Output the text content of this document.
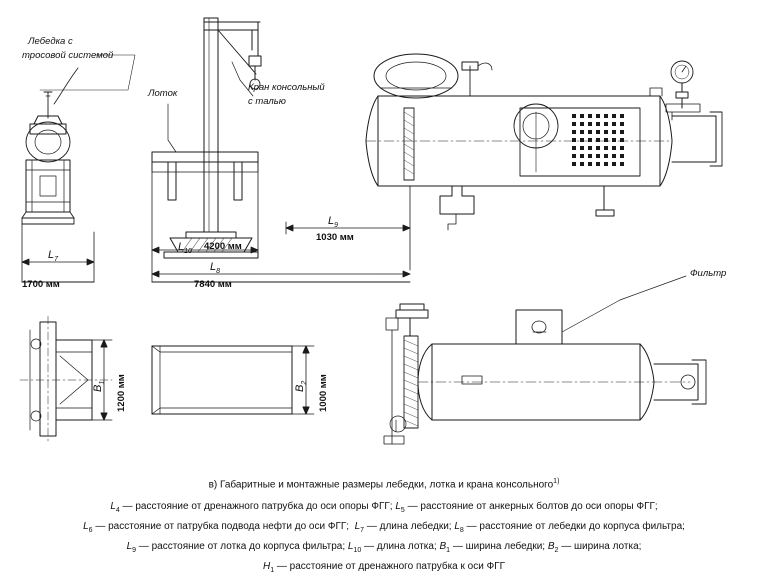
Лебедка с
тросовой системой
Лоток
Кран консольный
с талью
Фильтр
$L_9$
1030 мм
$L_{10}$ 4200 мм
$L_8$
7840 мм
$L_7$
1700 мм
$B_1$ 1200 мм	$B_2$ 1000 мм
в) Габаритные и монтажные размеры лебедки, лотка и крана консольного$^{1)}$
$L_4$ — расстояние от дренажного патрубка до оси опоры ФГГ; $L_5$ — расстояние от анкерных болтов до оси опоры ФГГ;
$L_6$ — расстояние от патрубка подвода нефти до оси ФГГ;  $L_7$ — длина лебедки; $L_8$ — расстояние от лебедки до корпуса фильтра;
$L_9$ — расстояние от лотка до корпуса фильтра; $L_{10}$ — длина лотка; $B_1$ — ширина лебедки; $B_2$ — ширина лотка;
$H_1$ — расстояние от дренажного патрубка к оси ФГГ
